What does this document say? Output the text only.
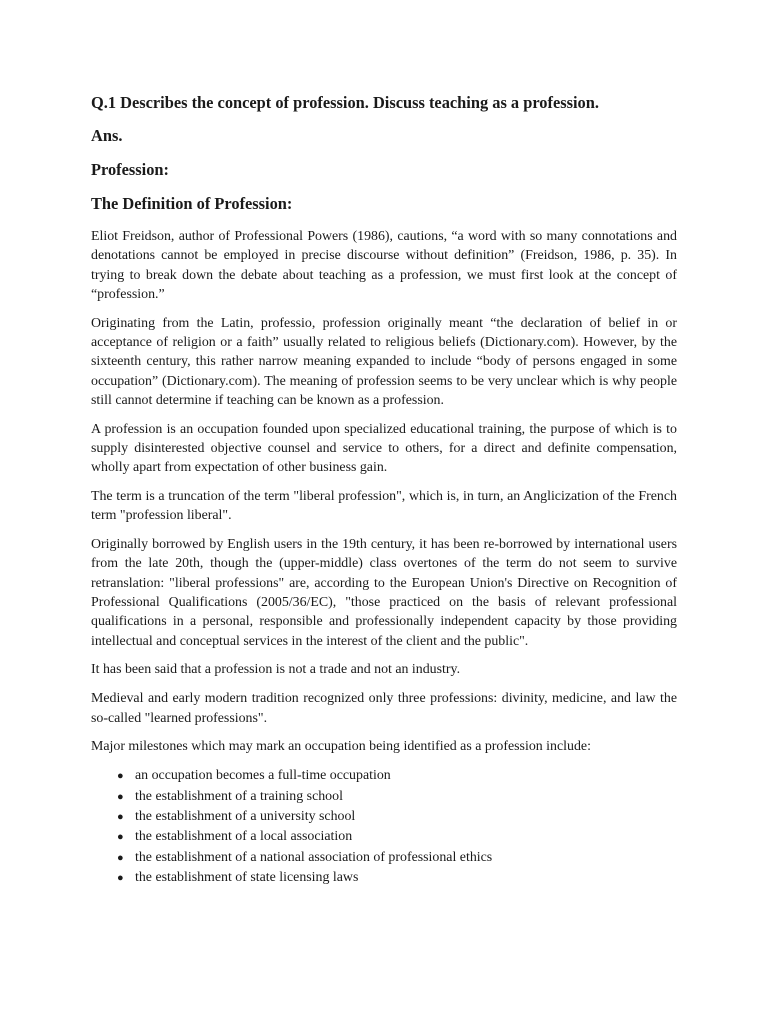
Q.1 Describes the concept of profession. Discuss teaching as a profession.
Ans.
Profession:
The Definition of Profession:

Eliot Freidson, author of Professional Powers (1986), cautions, “a word with so many connotations and denotations cannot be employed in precise discourse without definition” (Freidson, 1986, p. 35). In trying to break down the debate about teaching as a profession, we must first look at the concept of “profession.”

Originating from the Latin, professio, profession originally meant “the declaration of belief in or acceptance of religion or a faith” usually related to religious beliefs (Dictionary.com). However, by the sixteenth century, this rather narrow meaning expanded to include “body of persons engaged in some occupation” (Dictionary.com). The meaning of profession seems to be very unclear which is why people still cannot determine if teaching can be known as a profession.

A profession is an occupation founded upon specialized educational training, the purpose of which is to supply disinterested objective counsel and service to others, for a direct and definite compensation, wholly apart from expectation of other business gain.

The term is a truncation of the term "liberal profession", which is, in turn, an Anglicization of the French term "profession liberal".

Originally borrowed by English users in the 19th century, it has been re-borrowed by international users from the late 20th, though the (upper-middle) class overtones of the term do not seem to survive retranslation: "liberal professions" are, according to the European Union's Directive on Recognition of Professional Qualifications (2005/36/EC), "those practiced on the basis of relevant professional qualifications in a personal, responsible and professionally independent capacity by those providing intellectual and conceptual services in the interest of the client and the public".

It has been said that a profession is not a trade and not an industry.

Medieval and early modern tradition recognized only three professions: divinity, medicine, and law the so-called "learned professions".

Major milestones which may mark an occupation being identified as a profession include:

● an occupation becomes a full-time occupation
● the establishment of a training school
● the establishment of a university school
● the establishment of a local association
● the establishment of a national association of professional ethics
● the establishment of state licensing laws
